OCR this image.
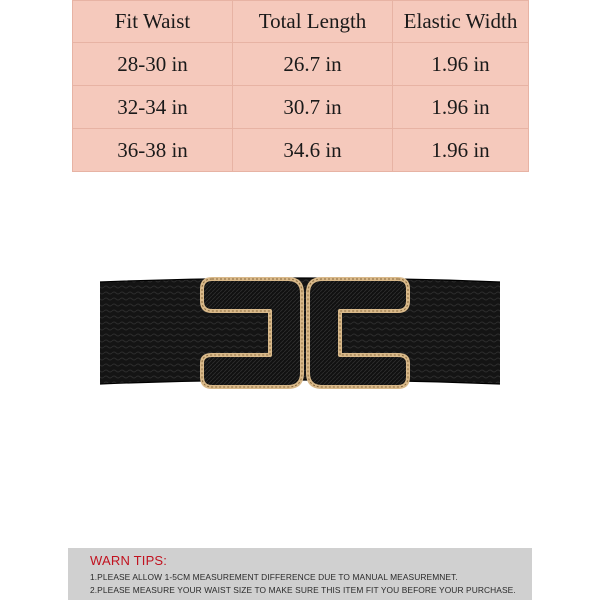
Fit Waist	Total Length	Elastic Width
28-30 in	26.7 in	1.96 in
32-34 in	30.7 in	1.96 in
36-38 in	34.6 in	1.96 in
WARN TIPS:
1.PLEASE ALLOW 1-5CM MEASUREMENT DIFFERENCE DUE TO MANUAL MEASUREMNET.
2.PLEASE MEASURE YOUR WAIST SIZE TO MAKE SURE THIS ITEM FIT YOU BEFORE YOUR PURCHASE.
